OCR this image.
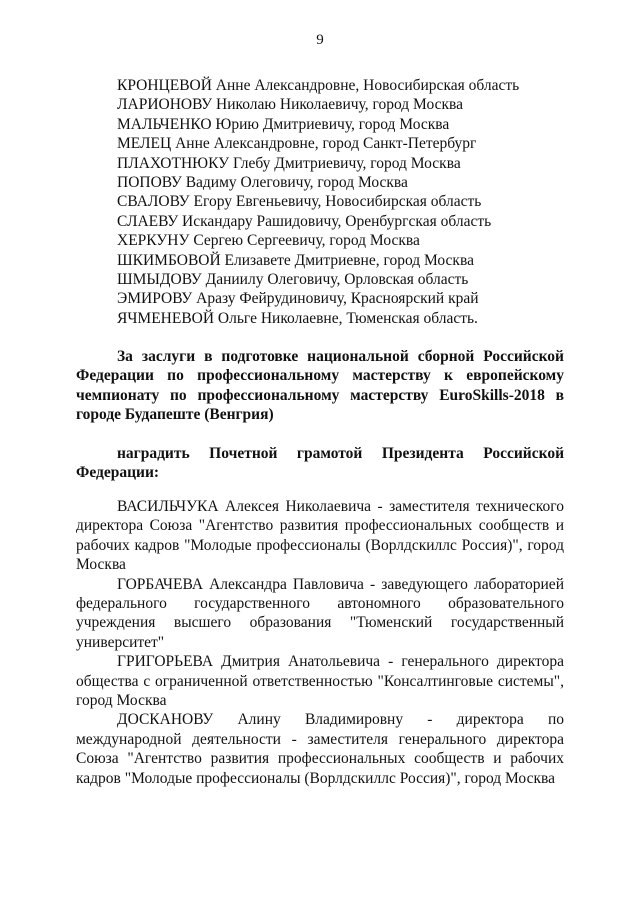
9
КРОНЦЕВОЙ Анне Александровне, Новосибирская область
ЛАРИОНОВУ Николаю Николаевичу, город Москва
МАЛЬЧЕНКО Юрию Дмитриевичу, город Москва
МЕЛЕЦ Анне Александровне, город Санкт-Петербург
ПЛАХОТНЮКУ Глебу Дмитриевичу, город Москва
ПОПОВУ Вадиму Олеговичу, город Москва
СВАЛОВУ Егору Евгеньевичу, Новосибирская область
СЛАЕВУ Искандару Рашидовичу, Оренбургская область
ХЕРКУНУ Сергею Сергеевичу, город Москва
ШКИМБОВОЙ Елизавете Дмитриевне, город Москва
ШМЫДОВУ Даниилу Олеговичу, Орловская область
ЭМИРОВУ Аразу Фейрудиновичу, Красноярский край
ЯЧМЕНЕВОЙ Ольге Николаевне, Тюменская область.
За заслуги в подготовке национальной сборной Российской Федерации по профессиональному мастерству к европейскому чемпионату по профессиональному мастерству EuroSkills-2018 в городе Будапеште (Венгрия)
наградить Почетной грамотой Президента Российской Федерации:

ВАСИЛЬЧУКА Алексея Николаевича - заместителя технического директора Союза "Агентство развития профессиональных сообществ и рабочих кадров "Молодые профессионалы (Ворлдскиллс Россия)", город Москва

ГОРБАЧЕВА Александра Павловича - заведующего лабораторией федерального государственного автономного образовательного учреждения высшего образования "Тюменский государственный университет"

ГРИГОРЬЕВА Дмитрия Анатольевича - генерального директора общества с ограниченной ответственностью "Консалтинговые системы", город Москва

ДОСКАНОВУ Алину Владимировну - директора по международной деятельности - заместителя генерального директора Союза "Агентство развития профессиональных сообществ и рабочих кадров "Молодые профессионалы (Ворлдскиллс Россия)", город Москва
